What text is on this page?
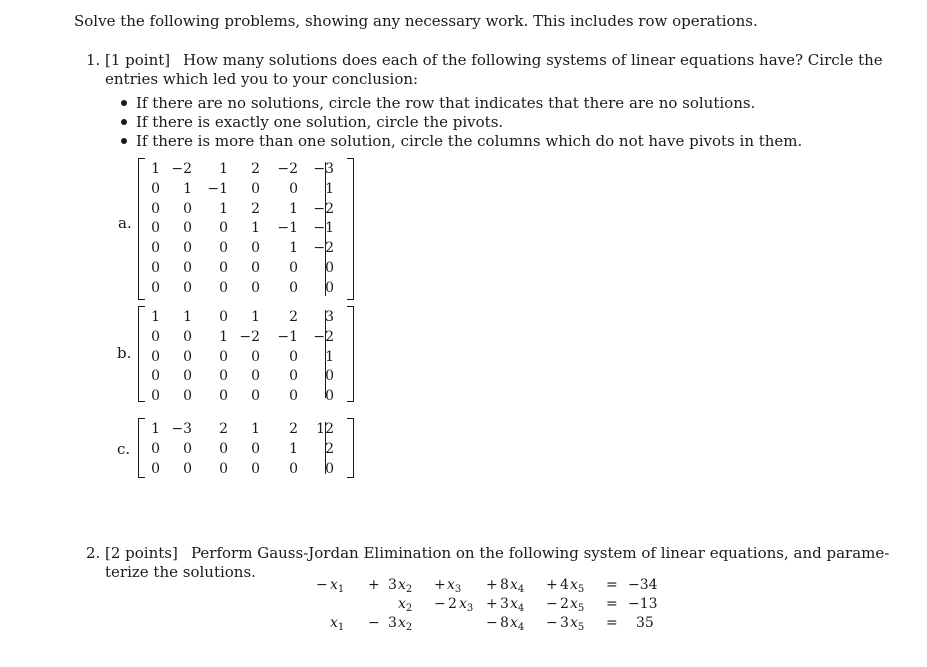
Solve the following problems, showing any necessary work. This includes row operations.
1. [1 point] How many solutions does each of the following systems of linear equations have? Circle the
entries which led you to your conclusion:
If there are no solutions, circle the row that indicates that there are no solutions.
If there is exactly one solution, circle the pivots.
If there is more than one solution, circle the columns which do not have pivots in them.
a.
1 −2	1	2	−2	−3
0	1	−1	0	0	1
0	0	1	2	1	−2
0	0	0	1	−1	−1
0	0	0	0	1	−2
0	0	0	0	0	0
0	0	0	0	0	0
b.
1	1	0	1	2	3
0	0	1 −2	−1	−2
0	0	0	0	0	1
0	0	0	0	0	0
0	0	0	0	0	0
c.
1 −3	2	1	2	12
0	0	0	0	1	2
0	0	0	0	0	0
2. [2 points] Perform Gauss-Jordan Elimination on the following system of linear equations, and parame-
terize the solutions.
− $x_1 + 3$ $x_2 + x_3 + 8$ $x_4 + 4$ $x_5 = -34$
$x_2 - 2$ $x_3 + 3$ $x_4 - 2$ $x_5 = -13$
$x_1 - 3$ $x_2$	− 8 $x_4 - 3$ $x_5 = 35$
